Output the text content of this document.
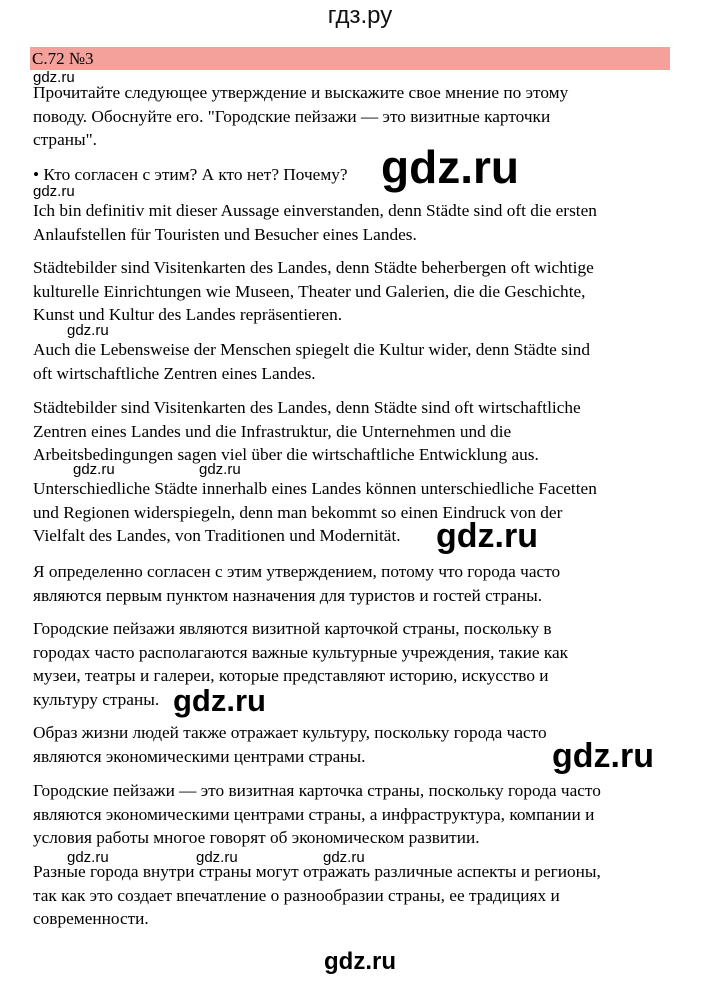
гдз.ру
С.72 №3

Прочитайте следующее утверждение и выскажите свое мнение по этому
поводу. Обоснуйте его. "Городские пейзажи — это визитные карточки
страны".

• Кто согласен с этим? А кто нет? Почему?

Ich bin definitiv mit dieser Aussage einverstanden, denn Städte sind oft die ersten
Anlaufstellen für Touristen und Besucher eines Landes.

Städtebilder sind Visitenkarten des Landes, denn Städte beherbergen oft wichtige
kulturelle Einrichtungen wie Museen, Theater und Galerien, die die Geschichte,
Kunst und Kultur des Landes repräsentieren.

Auch die Lebensweise der Menschen spiegelt die Kultur wider, denn Städte sind
oft wirtschaftliche Zentren eines Landes.

Städtebilder sind Visitenkarten des Landes, denn Städte sind oft wirtschaftliche
Zentren eines Landes und die Infrastruktur, die Unternehmen und die
Arbeitsbedingungen sagen viel über die wirtschaftliche Entwicklung aus.

Unterschiedliche Städte innerhalb eines Landes können unterschiedliche Facetten
und Regionen widerspiegeln, denn man bekommt so einen Eindruck von der
Vielfalt des Landes, von Traditionen und Modernität.

Я определенно согласен с этим утверждением, потому что города часто
являются первым пунктом назначения для туристов и гостей страны.

Городские пейзажи являются визитной карточкой страны, поскольку в
городах часто располагаются важные культурные учреждения, такие как
музеи, театры и галереи, которые представляют историю, искусство и
культуру страны.

Образ жизни людей также отражает культуру, поскольку города часто
являются экономическими центрами страны.

Городские пейзажи — это визитная карточка страны, поскольку города часто
являются экономическими центрами страны, а инфраструктура, компании и
условия работы многое говорят об экономическом развитии.

Разные города внутри страны могут отражать различные аспекты и регионы,
так как это создает впечатление о разнообразии страны, ее традициях и
современности.

gdz.ru
gdz.ru
gdz.ru
gdz.ru	gdz.ru
gdz.ru	gdz.ru	gdz.ru
gdz.ru
gdz.ru
gdz.ru
gdz.ru
gdz.ru
